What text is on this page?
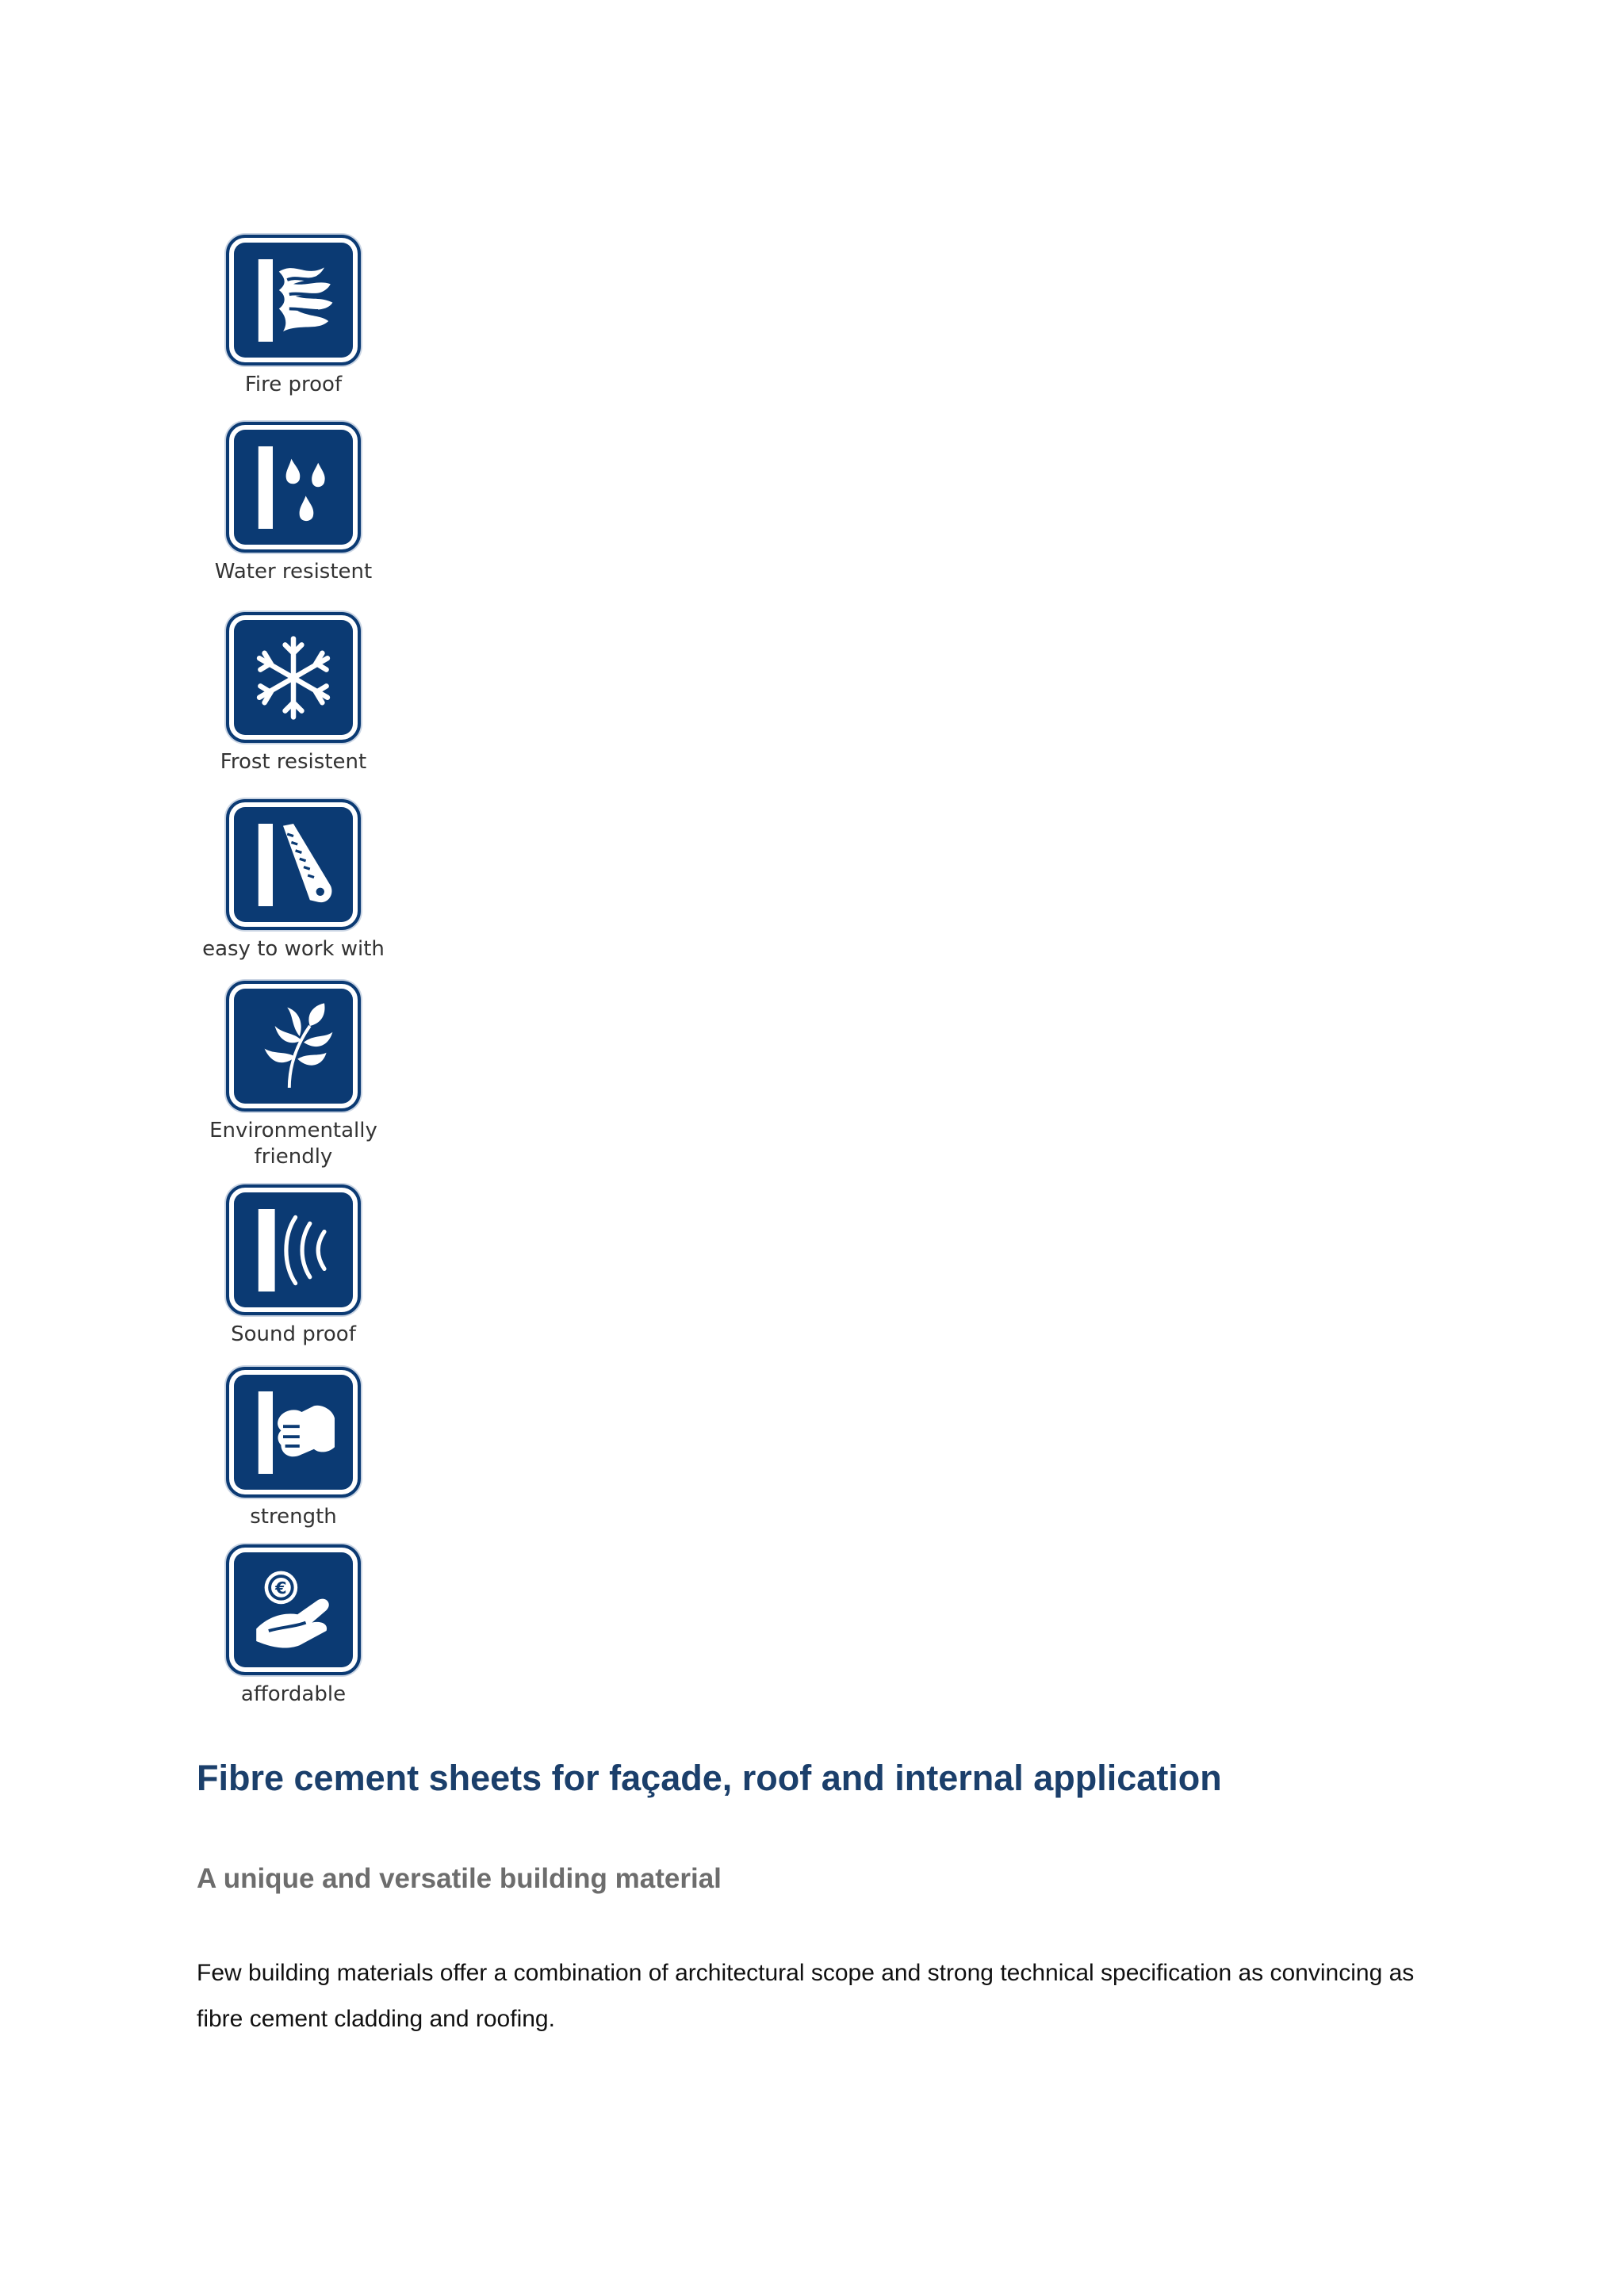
Fire proof
Water resistent
Frost resistent
easy to work with
Environmentally
friendly
Sound proof
strength
€
affordable
Fibre cement sheets for façade, roof and internal application
A unique and versatile building material

Few building materials offer a combination of architectural scope and strong technical specification as convincing as fibre cement cladding and roofing.
